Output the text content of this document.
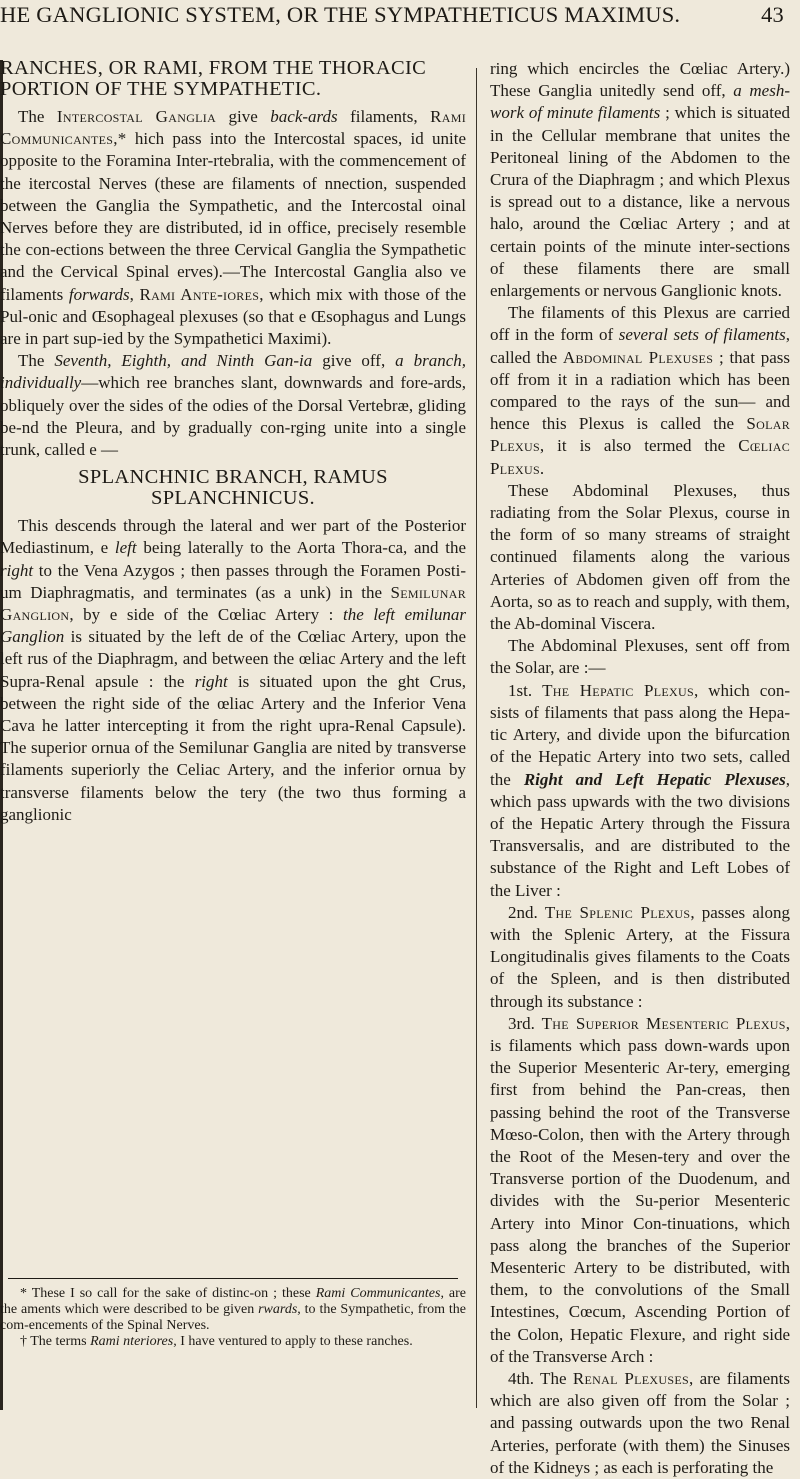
HE GANGLIONIC SYSTEM, OR THE SYMPATHETICUS MAXIMUS.	43
RANCHES, OR RAMI, FROM THE THORACIC PORTION OF THE SYMPATHETIC.

The Intercostal Ganglia give back-ards filaments, Rami Communicantes,* hich pass into the Intercostal spaces, id unite opposite to the Foramina Inter-rtebralia, with the commencement of the itercostal Nerves (these are filaments of nnection, suspended between the Ganglia the Sympathetic, and the Intercostal oinal Nerves before they are distributed, id in office, precisely resemble the con-ections between the three Cervical Ganglia the Sympathetic and the Cervical Spinal erves).—The Intercostal Ganglia also ve filaments forwards, Rami Ante-iores, which mix with those of the Pul-onic and Œsophageal plexuses (so that e Œsophagus and Lungs are in part sup-ied by the Sympathetici Maximi).

The Seventh, Eighth, and Ninth Gan-ia give off, a branch, individually—which ree branches slant, downwards and fore-ards, obliquely over the sides of the odies of the Dorsal Vertebræ, gliding be-nd the Pleura, and by gradually con-rging unite into a single trunk, called e —

SPLANCHNIC BRANCH, RAMUS SPLANCHNICUS.

This descends through the lateral and wer part of the Posterior Mediastinum, e left being laterally to the Aorta Thora-ca, and the right to the Vena Azygos ; then passes through the Foramen Posti-um Diaphragmatis, and terminates (as a unk) in the Semilunar Ganglion, by e side of the Cœliac Artery : the left emilunar Ganglion is situated by the left de of the Cœliac Artery, upon the left rus of the Diaphragm, and between the œliac Artery and the left Supra-Renal apsule : the right is situated upon the ght Crus, between the right side of the œliac Artery and the Inferior Vena Cava he latter intercepting it from the right upra-Renal Capsule). The superior ornua of the Semilunar Ganglia are nited by transverse filaments superiorly the Celiac Artery, and the inferior ornua by transverse filaments below the tery (the two thus forming a ganglionic

* These I so call for the sake of distinc-on ; these Rami Communicantes, are the aments which were described to be given rwards, to the Sympathetic, from the com-encements of the Spinal Nerves.

† The terms Rami nteriores, I have ventured to apply to these ranches.

ring which encircles the Cœliac Artery.) These Ganglia unitedly send off, a mesh-work of minute filaments ; which is situated in the Cellular membrane that unites the Peritoneal lining of the Abdomen to the Crura of the Diaphragm ; and which Plexus is spread out to a distance, like a nervous halo, around the Cœliac Artery ; and at certain points of the minute inter-sections of these filaments there are small enlargements or nervous Ganglionic knots.

The filaments of this Plexus are carried off in the form of several sets of filaments, called the Abdominal Plexuses ; that pass off from it in a radiation which has been compared to the rays of the sun— and hence this Plexus is called the Solar Plexus, it is also termed the Cœliac Plexus.

These Abdominal Plexuses, thus radiating from the Solar Plexus, course in the form of so many streams of straight continued filaments along the various Arteries of Abdomen given off from the Aorta, so as to reach and supply, with them, the Ab-dominal Viscera.

The Abdominal Plexuses, sent off from the Solar, are :—

1st. The Hepatic Plexus, which con-sists of filaments that pass along the Hepa-tic Artery, and divide upon the bifurcation of the Hepatic Artery into two sets, called the Right and Left Hepatic Plexuses, which pass upwards with the two divisions of the Hepatic Artery through the Fissura Transversalis, and are distributed to the substance of the Right and Left Lobes of the Liver :

2nd. The Splenic Plexus, passes along with the Splenic Artery, at the Fissura Longitudinalis gives filaments to the Coats of the Spleen, and is then distributed through its substance :

3rd. The Superior Mesenteric Plexus, is filaments which pass down-wards upon the Superior Mesenteric Ar-tery, emerging first from behind the Pan-creas, then passing behind the root of the Transverse Mœso-Colon, then with the Artery through the Root of the Mesen-tery and over the Transverse portion of the Duodenum, and divides with the Su-perior Mesenteric Artery into Minor Con-tinuations, which pass along the branches of the Superior Mesenteric Artery to be distributed, with them, to the convolutions of the Small Intestines, Cœcum, Ascending Portion of the Colon, Hepatic Flexure, and right side of the Transverse Arch :

4th. The Renal Plexuses, are filaments which are also given off from the Solar ; and passing outwards upon the two Renal Arteries, perforate (with them) the Sinuses of the Kidneys ; as each is perforating the
